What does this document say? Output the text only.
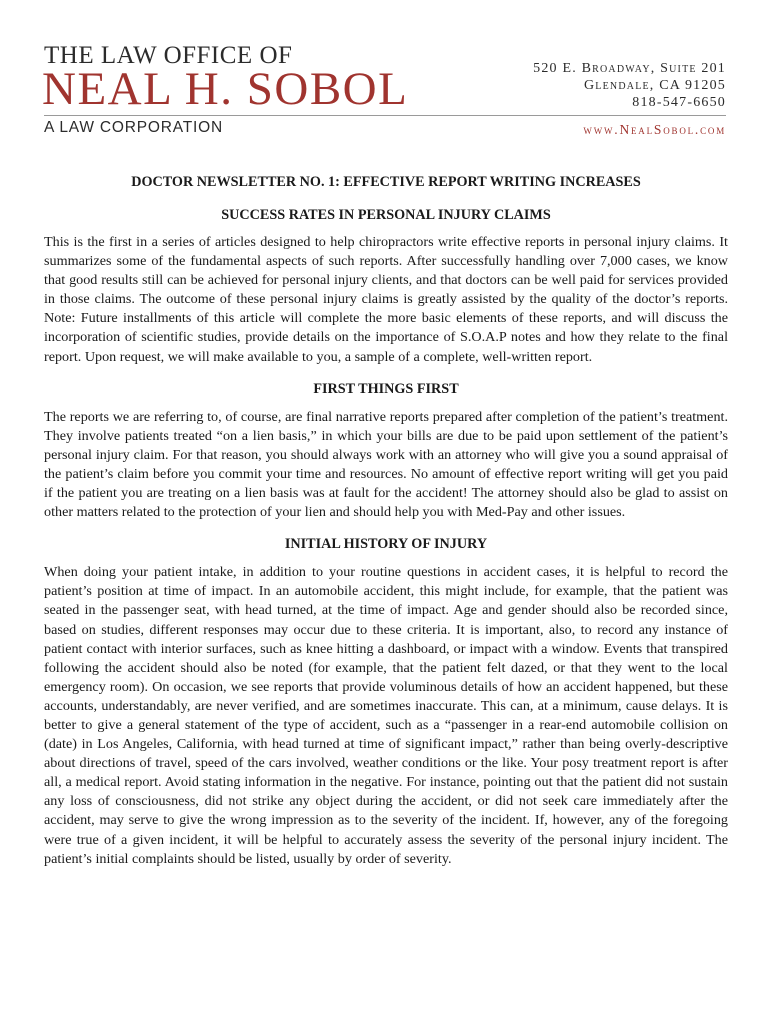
THE LAW OFFICE OF
NEAL H. SOBOL
A LAW CORPORATION
520 E. Broadway, Suite 201
Glendale, CA 91205
818-547-6650
www.NealSobol.com
DOCTOR NEWSLETTER NO. 1: EFFECTIVE REPORT WRITING INCREASES
SUCCESS RATES IN PERSONAL INJURY CLAIMS

This is the first in a series of articles designed to help chiropractors write effective reports in personal injury claims. It summarizes some of the fundamental aspects of such reports. After successfully handling over 7,000 cases, we know that good results still can be achieved for personal injury clients, and that doctors can be well paid for services provided in those claims. The outcome of these personal injury claims is greatly assisted by the quality of the doctor’s reports. Note: Future installments of this article will complete the more basic elements of these reports, and will discuss the incorporation of scientific studies, provide details on the importance of S.O.A.P notes and how they relate to the final report. Upon request, we will make available to you, a sample of a complete, well-written report.

FIRST THINGS FIRST

The reports we are referring to, of course, are final narrative reports prepared after completion of the patient’s treatment. They involve patients treated “on a lien basis,” in which your bills are due to be paid upon settlement of the patient’s personal injury claim. For that reason, you should always work with an attorney who will give you a sound appraisal of the patient’s claim before you commit your time and resources. No amount of effective report writing will get you paid if the patient you are treating on a lien basis was at fault for the accident! The attorney should also be glad to assist on other matters related to the protection of your lien and should help you with Med-Pay and other issues.

INITIAL HISTORY OF INJURY

When doing your patient intake, in addition to your routine questions in accident cases, it is helpful to record the patient’s position at time of impact. In an automobile accident, this might include, for example, that the patient was seated in the passenger seat, with head turned, at the time of impact. Age and gender should also be recorded since, based on studies, different responses may occur due to these criteria. It is important, also, to record any instance of patient contact with interior surfaces, such as knee hitting a dashboard, or impact with a window. Events that transpired following the accident should also be noted (for example, that the patient felt dazed, or that they went to the local emergency room). On occasion, we see reports that provide voluminous details of how an accident happened, but these accounts, understandably, are never verified, and are sometimes inaccurate. This can, at a minimum, cause delays. It is better to give a general statement of the type of accident, such as a “passenger in a rear-end automobile collision on (date) in Los Angeles, California, with head turned at time of significant impact,” rather than being overly-descriptive about directions of travel, speed of the cars involved, weather conditions or the like. Your posy treatment report is after all, a medical report. Avoid stating information in the negative. For instance, pointing out that the patient did not sustain any loss of consciousness, did not strike any object during the accident, or did not seek care immediately after the accident, may serve to give the wrong impression as to the severity of the incident. If, however, any of the foregoing were true of a given incident, it will be helpful to accurately assess the severity of the personal injury incident. The patient’s initial complaints should be listed, usually by order of severity.
